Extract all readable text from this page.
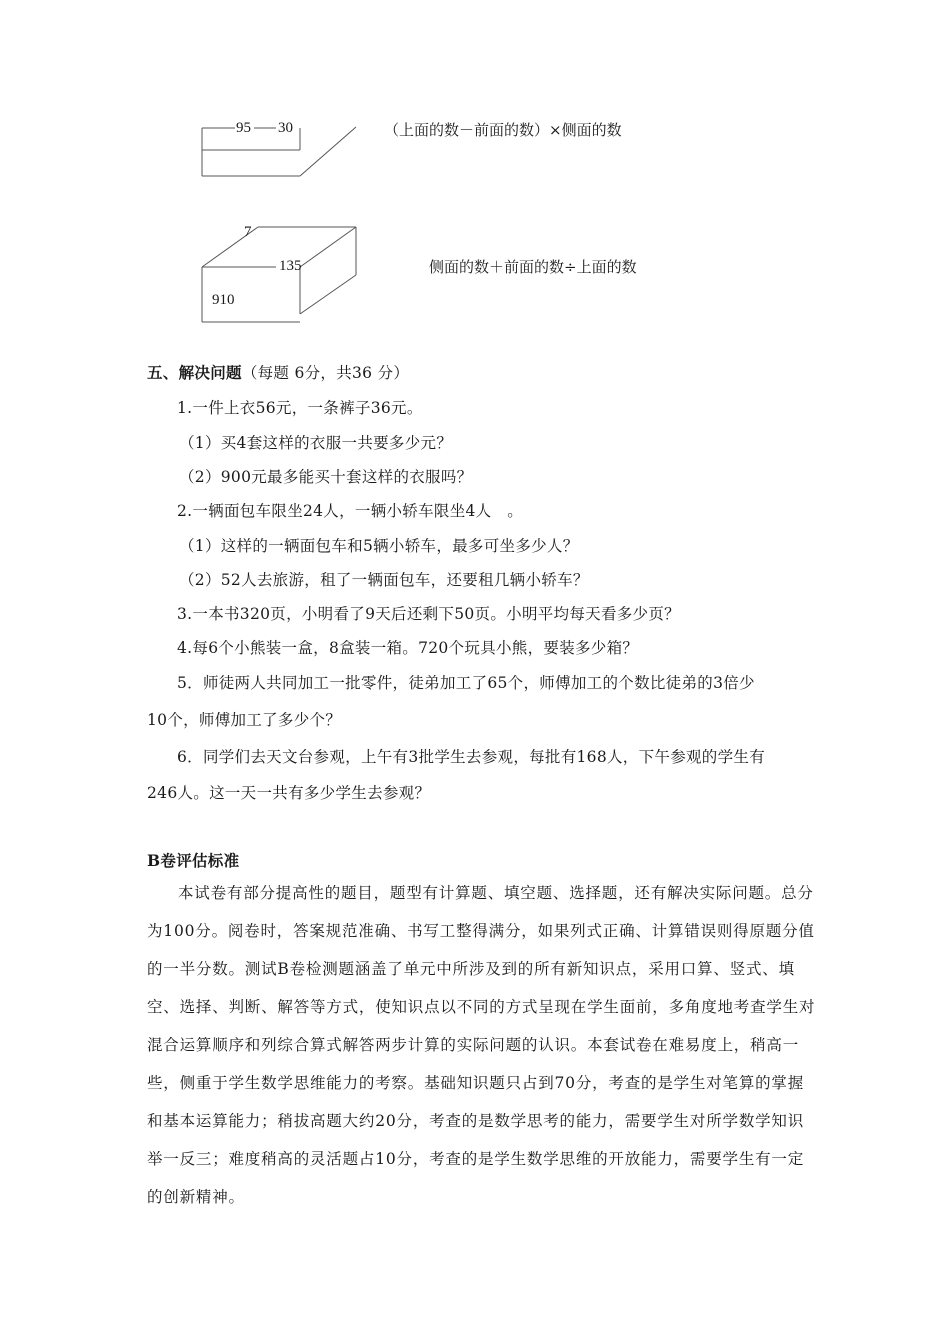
95 30	（上面的数－前面的数）×侧面的数
7
135
910
侧面的数＋前面的数÷上面的数
五、解决问题（每题 6分，共36 分）
1.一件上衣56元，一条裤子36元。
（1）买4套这样的衣服一共要多少元？
（2）900元最多能买十套这样的衣服吗？
2.一辆面包车限坐24人，一辆小轿车限坐4人　。
（1）这样的一辆面包车和5辆小轿车，最多可坐多少人？
（2）52人去旅游，租了一辆面包车，还要租几辆小轿车？
3.一本书320页，小明看了9天后还剩下50页。小明平均每天看多少页？
4.每6个小熊装一盒，8盒装一箱。720个玩具小熊，要装多少箱？
5．师徒两人共同加工一批零件，徒弟加工了65个，师傅加工的个数比徒弟的3倍少
10个，师傅加工了多少个？
6．同学们去天文台参观，上午有3批学生去参观，每批有168人，下午参观的学生有
246人。这一天一共有多少学生去参观？
B卷评估标准
本试卷有部分提高性的题目，题型有计算题、填空题、选择题，还有解决实际问题。总分为100分。阅卷时，答案规范准确、书写工整得满分，如果列式正确、计算错误则得原题分值的一半分数。测试B卷检测题涵盖了单元中所涉及到的所有新知识点，采用口算、竖式、填空、选择、判断、解答等方式，使知识点以不同的方式呈现在学生面前，多角度地考查学生对混合运算顺序和列综合算式解答两步计算的实际问题的认识。本套试卷在难易度上，稍高一些，侧重于学生数学思维能力的考察。基础知识题只占到70分，考查的是学生对笔算的掌握和基本运算能力；稍拔高题大约20分，考查的是数学思考的能力，需要学生对所学数学知识举一反三；难度稍高的灵活题占10分，考查的是学生数学思维的开放能力，需要学生有一定的创新精神。
